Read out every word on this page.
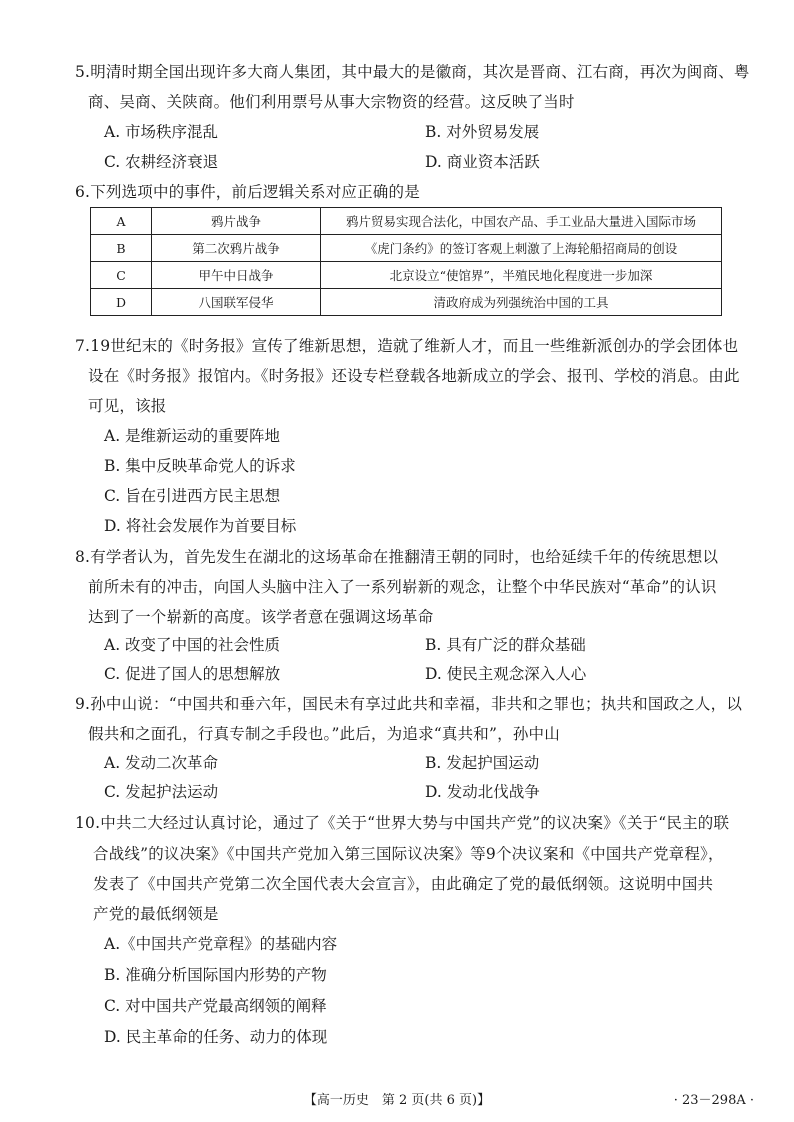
5.明清时期全国出现许多大商人集团，其中最大的是徽商，其次是晋商、江右商，再次为闽商、粤
商、吴商、关陕商。他们利用票号从事大宗物资的经营。这反映了当时
A. 市场秩序混乱	B. 对外贸易发展
C. 农耕经济衰退	D. 商业资本活跃
6.下列选项中的事件，前后逻辑关系对应正确的是
A	鸦片战争	鸦片贸易实现合法化，中国农产品、手工业品大量进入国际市场
B	第二次鸦片战争	《虎门条约》的签订客观上刺激了上海轮船招商局的创设
C	甲午中日战争	北京设立“使馆界”，半殖民地化程度进一步加深
D	八国联军侵华	清政府成为列强统治中国的工具
7.19世纪末的《时务报》宣传了维新思想，造就了维新人才，而且一些维新派创办的学会团体也
设在《时务报》报馆内。《时务报》还设专栏登载各地新成立的学会、报刊、学校的消息。由此
可见，该报
A. 是维新运动的重要阵地
B. 集中反映革命党人的诉求
C. 旨在引进西方民主思想
D. 将社会发展作为首要目标
8.有学者认为，首先发生在湖北的这场革命在推翻清王朝的同时，也给延续千年的传统思想以
前所未有的冲击，向国人头脑中注入了一系列崭新的观念，让整个中华民族对“革命”的认识
达到了一个崭新的高度。该学者意在强调这场革命
A. 改变了中国的社会性质	B. 具有广泛的群众基础
C. 促进了国人的思想解放	D. 使民主观念深入人心
9.孙中山说：“中国共和垂六年，国民未有享过此共和幸福，非共和之罪也；执共和国政之人，以
假共和之面孔，行真专制之手段也。”此后，为追求“真共和”，孙中山
A. 发动二次革命	B. 发起护国运动
C. 发起护法运动	D. 发动北伐战争
10.中共二大经过认真讨论，通过了《关于“世界大势与中国共产党”的议决案》《关于“民主的联
合战线”的议决案》《中国共产党加入第三国际议决案》等9个决议案和《中国共产党章程》，
发表了《中国共产党第二次全国代表大会宣言》，由此确定了党的最低纲领。这说明中国共
产党的最低纲领是
A.《中国共产党章程》的基础内容
B. 准确分析国际国内形势的产物
C. 对中国共产党最高纲领的阐释
D. 民主革命的任务、动力的体现
【高一历史　第 2 页(共 6 页)】	· 23－298A ·
